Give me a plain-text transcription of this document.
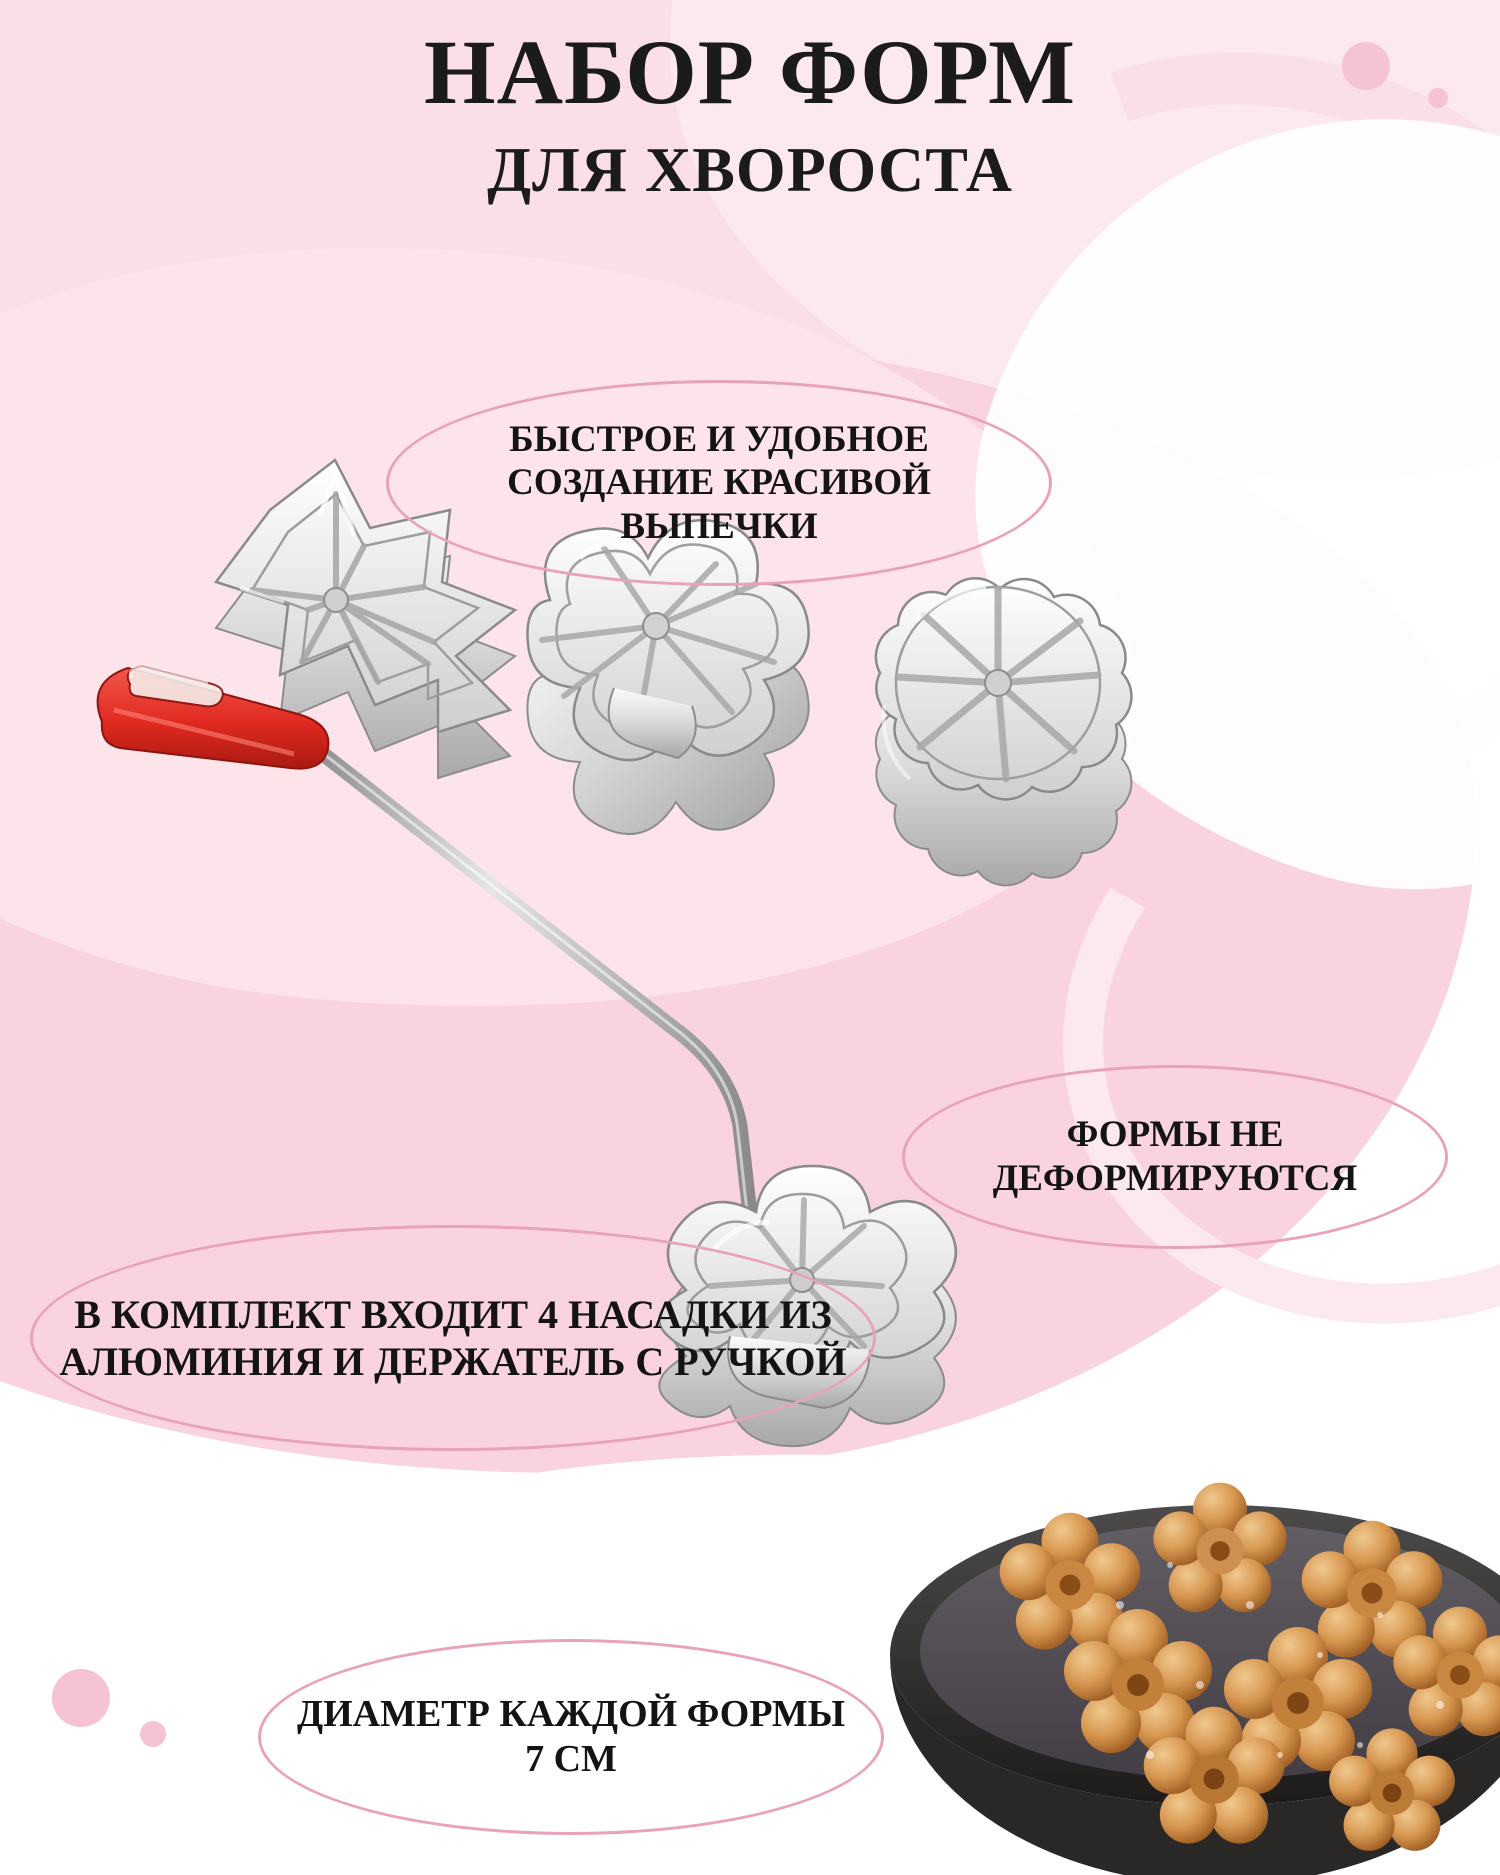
НАБОР ФОРМ
ДЛЯ ХВОРОСТА
БЫСТРОЕ И УДОБНОЕ СОЗДАНИЕ КРАСИВОЙ ВЫПЕЧКИ
ФОРМЫ НЕ ДЕФОРМИРУЮТСЯ
В КОМПЛЕКТ ВХОДИТ 4 НАСАДКИ ИЗ АЛЮМИНИЯ И ДЕРЖАТЕЛЬ С РУЧКОЙ
ДИАМЕТР КАЖДОЙ ФОРМЫ 7 СМ
